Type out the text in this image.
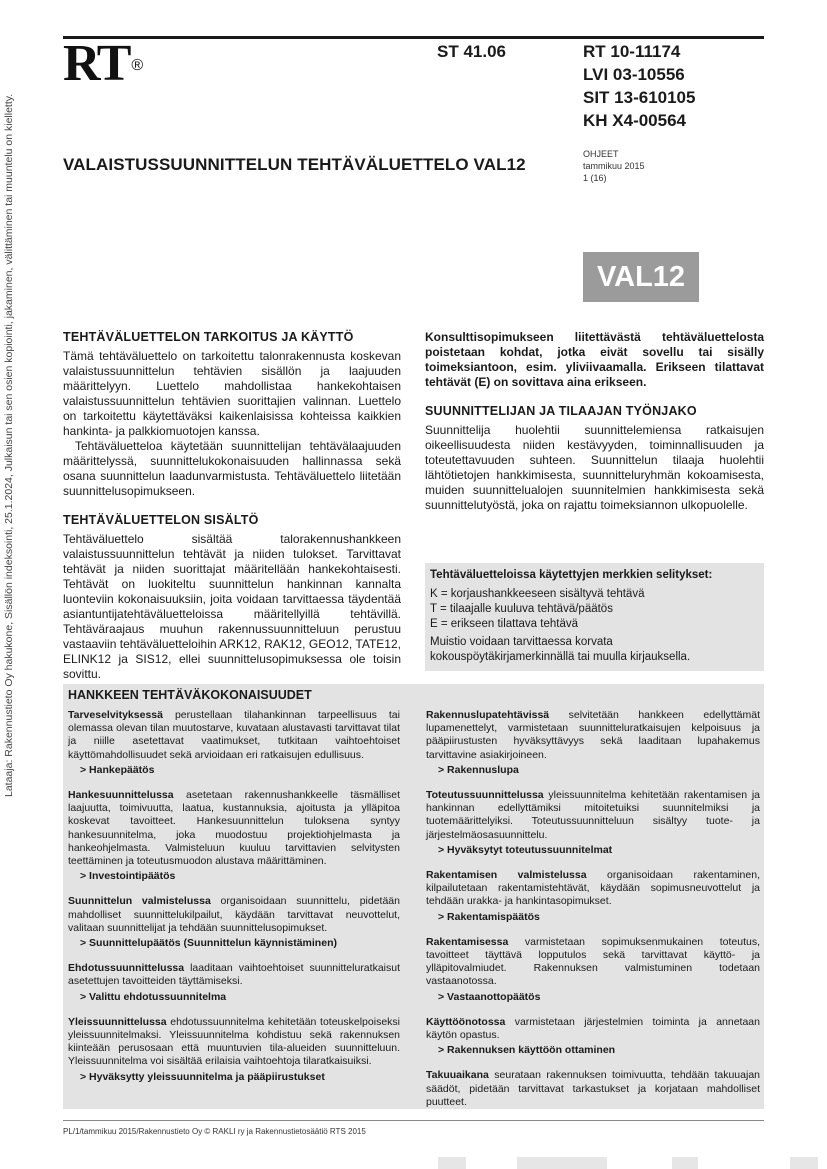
RT ®
ST 41.06	RT 10-11174
LVI 03-10556
SIT 13-610105
KH X4-00564
VALAISTUSSUUNNITTELUN TEHTÄVÄLUETTELO VAL12
OHJEET
tammikuu 2015
1 (16)
VAL12
Lataaja: Rakennustieto Oy hakukone, Sisällön indeksointi, 25.1.2024, Julkaisun tai sen osien kopiointi, jakaminen, välittäminen tai muuntelu on kielletty.	TEHTÄVÄLUETTELON TARKOITUS JA KÄYTTÖ

Tämä tehtäväluettelo on tarkoitettu talonrakennusta koskevan valaistussuunnittelun tehtävien sisällön ja laajuuden määrittelyyn. Luettelo mahdollistaa hankekohtaisen valaistussuunnittelun tehtävien suorittajien valinnan. Luettelo on tarkoitettu käytettäväksi kaikenlaisissa kohteissa kaikkien hankinta- ja palkkiomuotojen kanssa.

Tehtäväluetteloa käytetään suunnittelijan tehtävälaajuuden määrittelyssä, suunnittelukokonaisuuden hallinnassa sekä osana suunnittelun laadunvarmistusta. Tehtäväluettelo liitetään suunnittelusopimukseen.

TEHTÄVÄLUETTELON SISÄLTÖ

Tehtäväluettelo sisältää talorakennushankkeen valaistussuunnittelun tehtävät ja niiden tulokset. Tarvittavat tehtävät ja niiden suorittajat määritellään hankekohtaisesti. Tehtävät on luokiteltu suunnittelun hankinnan kannalta luonteviin kokonaisuuksiin, joita voidaan tarvittaessa täydentää asiantuntijatehtäväluetteloissa määritellyillä tehtävillä. Tehtäväraajaus muuhun rakennussuunnitteluun perustuu vastaaviin tehtäväluetteloihin ARK12, RAK12, GEO12, TATE12, ELINK12 ja SIS12, ellei suunnittelusopimuksessa ole toisin sovittu.

Konsulttisopimukseen liitettävästä tehtäväluettelosta poistetaan kohdat, jotka eivät sovellu tai sisälly toimeksiantoon, esim. yliviivaamalla. Erikseen tilattavat tehtävät (E) on sovittava aina erikseen.

SUUNNITTELIJAN JA TILAAJAN TYÖNJAKO

Suunnittelija huolehtii suunnittelemiensa ratkaisujen oikeellisuudesta niiden kestävyyden, toiminnallisuuden ja toteutettavuuden suhteen. Suunnittelun tilaaja huolehtii lähtötietojen hankkimisesta, suunnitteluryhmän kokoamisesta, muiden suunnittelualojen suunnitelmien hankkimisesta sekä suunnittelutyöstä, joka on rajattu toimeksiannon ulkopuolelle.

Tehtäväluetteloissa käytettyjen merkkien selitykset:
K = korjaushankkeeseen sisältyvä tehtävä
T = tilaajalle kuuluva tehtävä/päätös
E = erikseen tilattava tehtävä
Muistio voidaan tarvittaessa korvata kokouspöytäkirjamerkinnällä tai muulla kirjauksella.
HANKKEEN TEHTÄVÄKOKONAISUUDET

Tarveselvityksessä perustellaan tilahankinnan tarpeellisuus tai olemassa olevan tilan muutostarve, kuvataan alustavasti tarvittavat tilat ja niille asetettavat vaatimukset, tutkitaan vaihtoehtoiset käyttömahdollisuudet sekä arvioidaan eri ratkaisujen edullisuus.

> Hankepäätös

Hankesuunnittelussa asetetaan rakennushankkeelle täsmälliset laajuutta, toimivuutta, laatua, kustannuksia, ajoitusta ja ylläpitoa koskevat tavoitteet. Hankesuunnittelun tuloksena syntyy hankesuunnitelma, joka muodostuu projektiohjelmasta ja hankeohjelmasta. Valmisteluun kuuluu tarvittavien selvitysten teettäminen ja toteutusmuodon alustava määrittäminen.

> Investointipäätös

Suunnittelun valmistelussa organisoidaan suunnittelu, pidetään mahdolliset suunnittelukilpailut, käydään tarvittavat neuvottelut, valitaan suunnittelijat ja tehdään suunnittelusopimukset.

> Suunnittelupäätös (Suunnittelun käynnistäminen)

Ehdotussuunnittelussa laaditaan vaihtoehtoiset suunnitteluratkaisut asetettujen tavoitteiden täyttämiseksi.

> Valittu ehdotussuunnitelma

Yleissuunnittelussa ehdotussuunnitelma kehitetään toteuskelpoiseksi yleissuunnitelmaksi. Yleissuunnitelma kohdistuu sekä rakennuksen kiinteään perusosaan että muuntuvien tila-alueiden suunnitteluun. Yleissuunnitelma voi sisältää erilaisia vaihtoehtoja tilaratkaisuiksi.

> Hyväksytty yleissuunnitelma ja pääpiirustukset

Rakennuslupatehtävissä selvitetään hankkeen edellyttämät lupamenettelyt, varmistetaan suunnitteluratkaisujen kelpoisuus ja pääpiirustusten hyväksyttävyys sekä laaditaan lupahakemus tarvittavine asiakirjoineen.

> Rakennuslupa

Toteutussuunnittelussa yleissuunnitelma kehitetään rakentamisen ja hankinnan edellyttämiksi mitoitetuiksi suunnitelmiksi ja tuotemäärittelyiksi. Toteutussuunnitteluun sisältyy tuote- ja järjestelmäosasuunnittelu.

> Hyväksytyt toteutussuunnitelmat

Rakentamisen valmistelussa organisoidaan rakentaminen, kilpailutetaan rakentamistehtävät, käydään sopimusneuvottelut ja tehdään urakka- ja hankintasopimukset.

> Rakentamispäätös

Rakentamisessa varmistetaan sopimuksenmukainen toteutus, tavoitteet täyttävä lopputulos sekä tarvittavat käyttö- ja ylläpitovalmiudet. Rakennuksen valmistuminen todetaan vastaanotossa.

> Vastaanottopäätös

Käyttöönotossa varmistetaan järjestelmien toiminta ja annetaan käytön opastus.

> Rakennuksen käyttöön ottaminen

Takuuaikana seurataan rakennuksen toimivuutta, tehdään takuuajan säädöt, pidetään tarvittavat tarkastukset ja korjataan mahdolliset puutteet.

PL/1/tammikuu 2015/Rakennustieto Oy © RAKLI ry ja Rakennustietosäätiö RTS 2015
